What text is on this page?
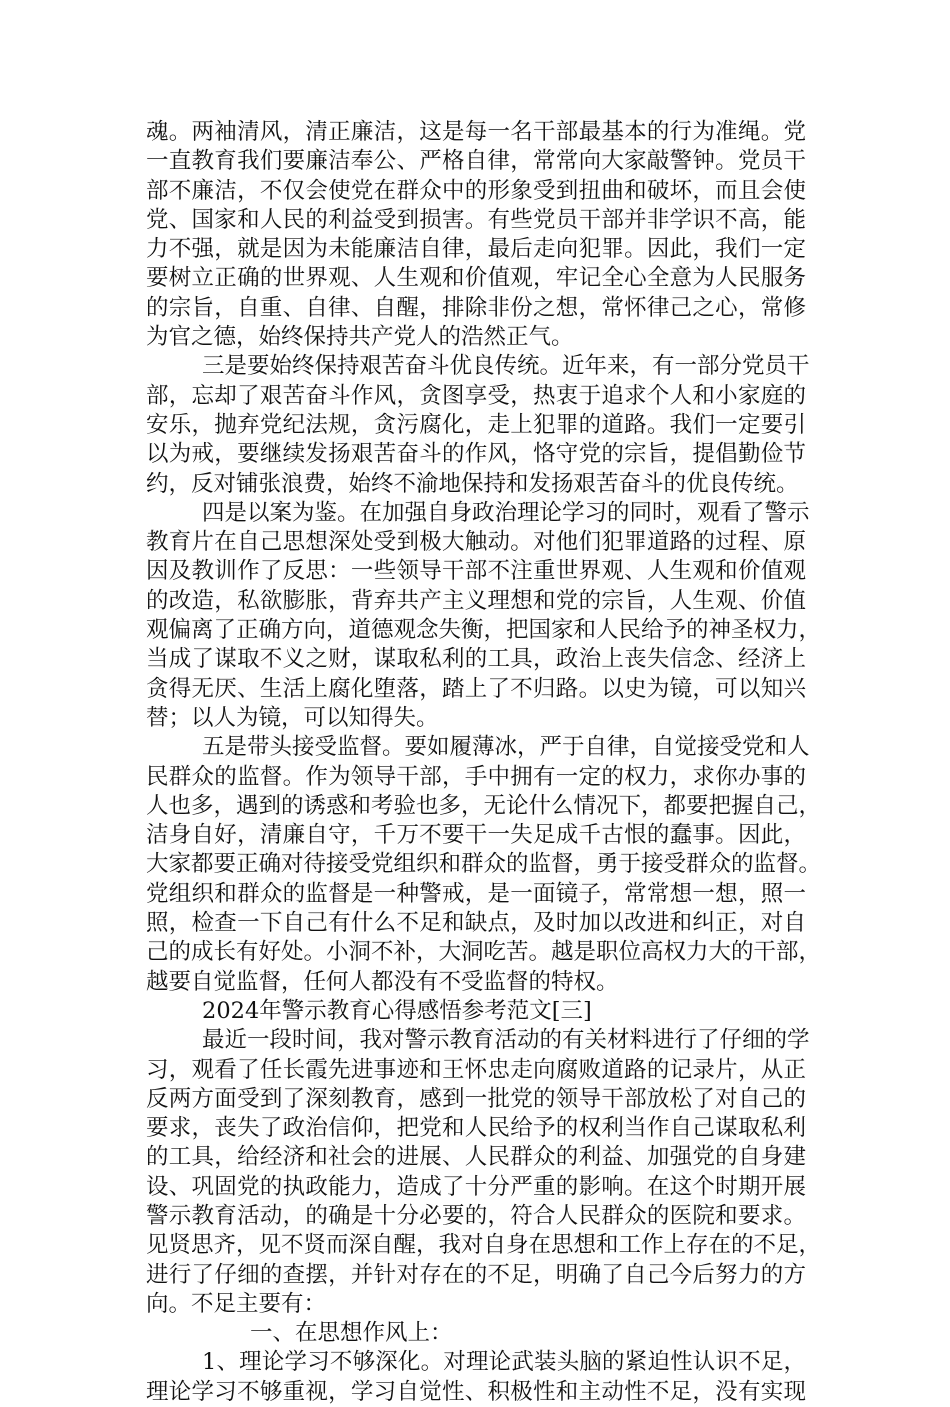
魂。两袖清风，清正廉洁，这是每一名干部最基本的行为准绳。党
一直教育我们要廉洁奉公、严格自律，常常向大家敲警钟。党员干
部不廉洁，不仅会使党在群众中的形象受到扭曲和破坏，而且会使
党、国家和人民的利益受到损害。有些党员干部并非学识不高，能
力不强，就是因为未能廉洁自律，最后走向犯罪。因此，我们一定
要树立正确的世界观、人生观和价值观，牢记全心全意为人民服务
的宗旨，自重、自律、自醒，排除非份之想，常怀律己之心，常修
为官之德，始终保持共产党人的浩然正气。
三是要始终保持艰苦奋斗优良传统。近年来，有一部分党员干
部，忘却了艰苦奋斗作风，贪图享受，热衷于追求个人和小家庭的
安乐，抛弃党纪法规，贪污腐化，走上犯罪的道路。我们一定要引
以为戒，要继续发扬艰苦奋斗的作风，恪守党的宗旨，提倡勤俭节
约，反对铺张浪费，始终不渝地保持和发扬艰苦奋斗的优良传统。
四是以案为鉴。在加强自身政治理论学习的同时，观看了警示
教育片在自己思想深处受到极大触动。对他们犯罪道路的过程、原
因及教训作了反思：一些领导干部不注重世界观、人生观和价值观
的改造，私欲膨胀，背弃共产主义理想和党的宗旨，人生观、价值
观偏离了正确方向，道德观念失衡，把国家和人民给予的神圣权力，
当成了谋取不义之财，谋取私利的工具，政治上丧失信念、经济上
贪得无厌、生活上腐化堕落，踏上了不归路。以史为镜，可以知兴
替；以人为镜，可以知得失。
五是带头接受监督。要如履薄冰，严于自律，自觉接受党和人
民群众的监督。作为领导干部，手中拥有一定的权力，求你办事的
人也多，遇到的诱惑和考验也多，无论什么情况下，都要把握自己，
洁身自好，清廉自守，千万不要干一失足成千古恨的蠢事。因此，
大家都要正确对待接受党组织和群众的监督，勇于接受群众的监督。
党组织和群众的监督是一种警戒，是一面镜子，常常想一想，照一
照，检查一下自己有什么不足和缺点，及时加以改进和纠正，对自
己的成长有好处。小洞不补，大洞吃苦。越是职位高权力大的干部，
越要自觉监督，任何人都没有不受监督的特权。
2024年警示教育心得感悟参考范文[三]
最近一段时间，我对警示教育活动的有关材料进行了仔细的学
习，观看了任长霞先进事迹和王怀忠走向腐败道路的记录片，从正
反两方面受到了深刻教育，感到一批党的领导干部放松了对自己的
要求，丧失了政治信仰，把党和人民给予的权利当作自己谋取私利
的工具，给经济和社会的进展、人民群众的利益、加强党的自身建
设、巩固党的执政能力，造成了十分严重的影响。在这个时期开展
警示教育活动，的确是十分必要的，符合人民群众的医院和要求。
见贤思齐，见不贤而深自醒，我对自身在思想和工作上存在的不足，
进行了仔细的查摆，并针对存在的不足，明确了自己今后努力的方
向。不足主要有：
一、在思想作风上：
1、理论学习不够深化。对理论武装头脑的紧迫性认识不足，
理论学习不够重视，学习自觉性、积极性和主动性不足，没有实现
